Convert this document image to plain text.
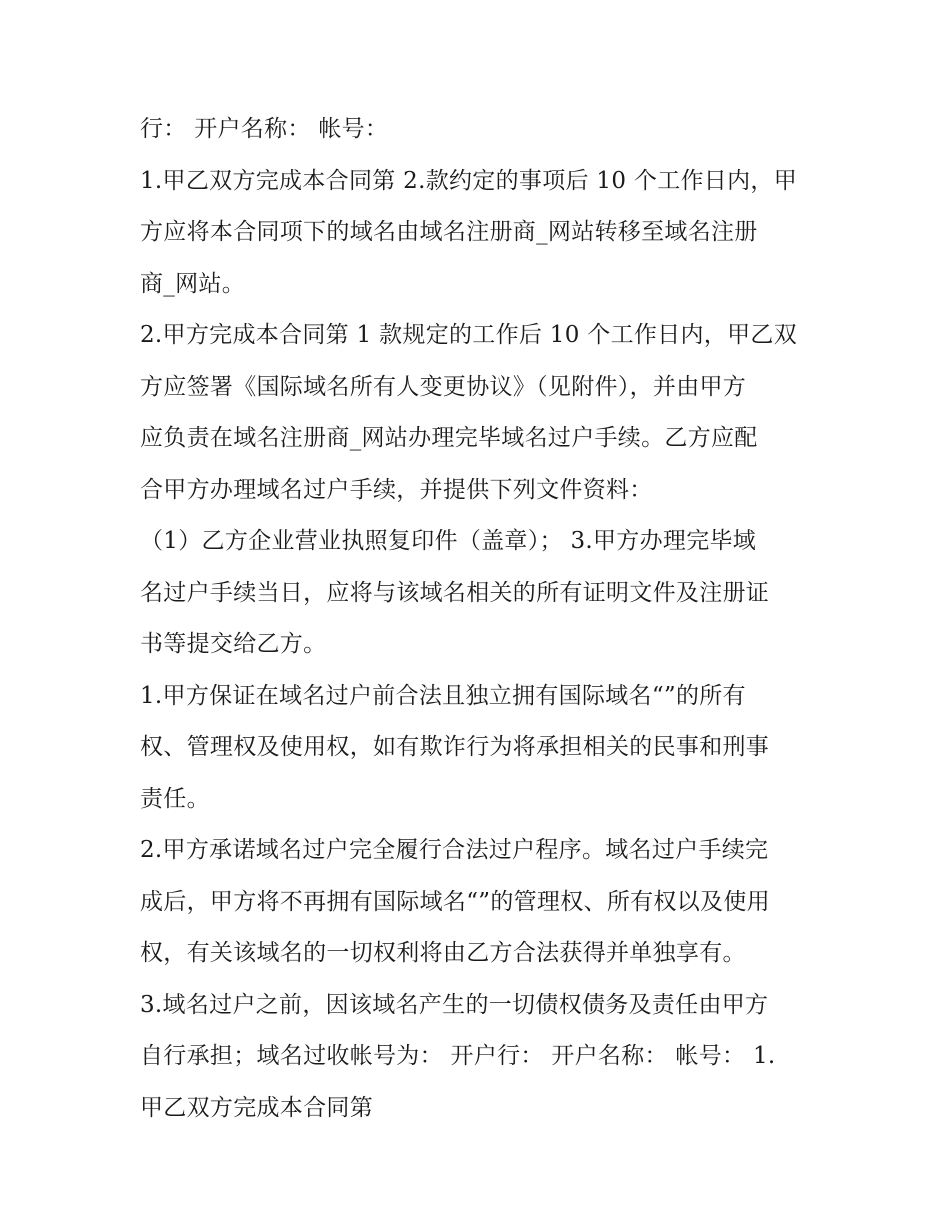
行： 开户名称： 帐号：
1.甲乙双方完成本合同第 2.款约定的事项后 10 个工作日内，甲
方应将本合同项下的域名由域名注册商_网站转移至域名注册
商_网站。
2.甲方完成本合同第 1 款规定的工作后 10 个工作日内，甲乙双
方应签署《国际域名所有人变更协议》（见附件），并由甲方
应负责在域名注册商_网站办理完毕域名过户手续。乙方应配
合甲方办理域名过户手续，并提供下列文件资料：
（1）乙方企业营业执照复印件（盖章）； 3.甲方办理完毕域
名过户手续当日，应将与该域名相关的所有证明文件及注册证
书等提交给乙方。
1.甲方保证在域名过户前合法且独立拥有国际域名“”的所有
权、管理权及使用权，如有欺诈行为将承担相关的民事和刑事
责任。
2.甲方承诺域名过户完全履行合法过户程序。域名过户手续完
成后，甲方将不再拥有国际域名“”的管理权、所有权以及使用
权，有关该域名的一切权利将由乙方合法获得并单独享有。
3.域名过户之前，因该域名产生的一切债权债务及责任由甲方
自行承担；域名过收帐号为： 开户行： 开户名称： 帐号： 1.
甲乙双方完成本合同第
